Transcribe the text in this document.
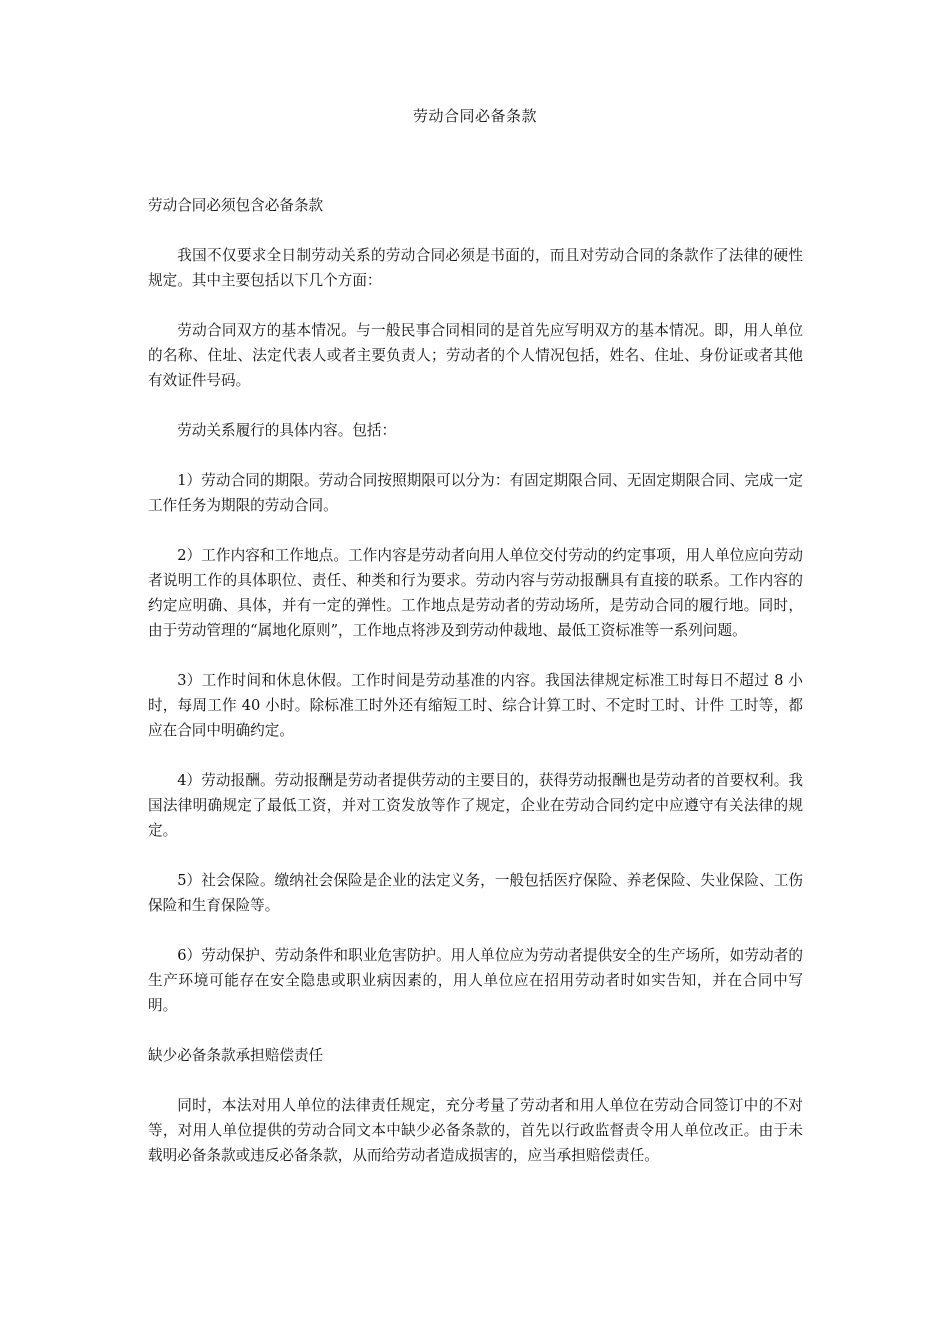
劳动合同必备条款

劳动合同必须包含必备条款

我国不仅要求全日制劳动关系的劳动合同必须是书面的，而且对劳动合同的条款作了法律的硬性规定。其中主要包括以下几个方面：

劳动合同双方的基本情况。与一般民事合同相同的是首先应写明双方的基本情况。即，用人单位的名称、住址、法定代表人或者主要负责人；劳动者的个人情况包括，姓名、住址、身份证或者其他有效证件号码。

劳动关系履行的具体内容。包括：

1）劳动合同的期限。劳动合同按照期限可以分为：有固定期限合同、无固定期限合同、完成一定工作任务为期限的劳动合同。

2）工作内容和工作地点。工作内容是劳动者向用人单位交付劳动的约定事项，用人单位应向劳动者说明工作的具体职位、责任、种类和行为要求。劳动内容与劳动报酬具有直接的联系。工作内容的约定应明确、具体，并有一定的弹性。工作地点是劳动者的劳动场所，是劳动合同的履行地。同时，由于劳动管理的“属地化原则”，工作地点将涉及到劳动仲裁地、最低工资标准等一系列问题。

3）工作时间和休息休假。工作时间是劳动基准的内容。我国法律规定标准工时每日不超过 8 小时，每周工作 40 小时。除标准工时外还有缩短工时、综合计算工时、不定时工时、计件 工时等，都应在合同中明确约定。

4）劳动报酬。劳动报酬是劳动者提供劳动的主要目的，获得劳动报酬也是劳动者的首要权利。我国法律明确规定了最低工资，并对工资发放等作了规定，企业在劳动合同约定中应遵守有关法律的规定。

5）社会保险。缴纳社会保险是企业的法定义务，一般包括医疗保险、养老保险、失业保险、工伤保险和生育保险等。

6）劳动保护、劳动条件和职业危害防护。用人单位应为劳动者提供安全的生产场所，如劳动者的生产环境可能存在安全隐患或职业病因素的，用人单位应在招用劳动者时如实告知，并在合同中写明。

缺少必备条款承担赔偿责任

同时，本法对用人单位的法律责任规定，充分考量了劳动者和用人单位在劳动合同签订中的不对等，对用人单位提供的劳动合同文本中缺少必备条款的，首先以行政监督责令用人单位改正。由于未载明必备条款或违反必备条款，从而给劳动者造成损害的，应当承担赔偿责任。
